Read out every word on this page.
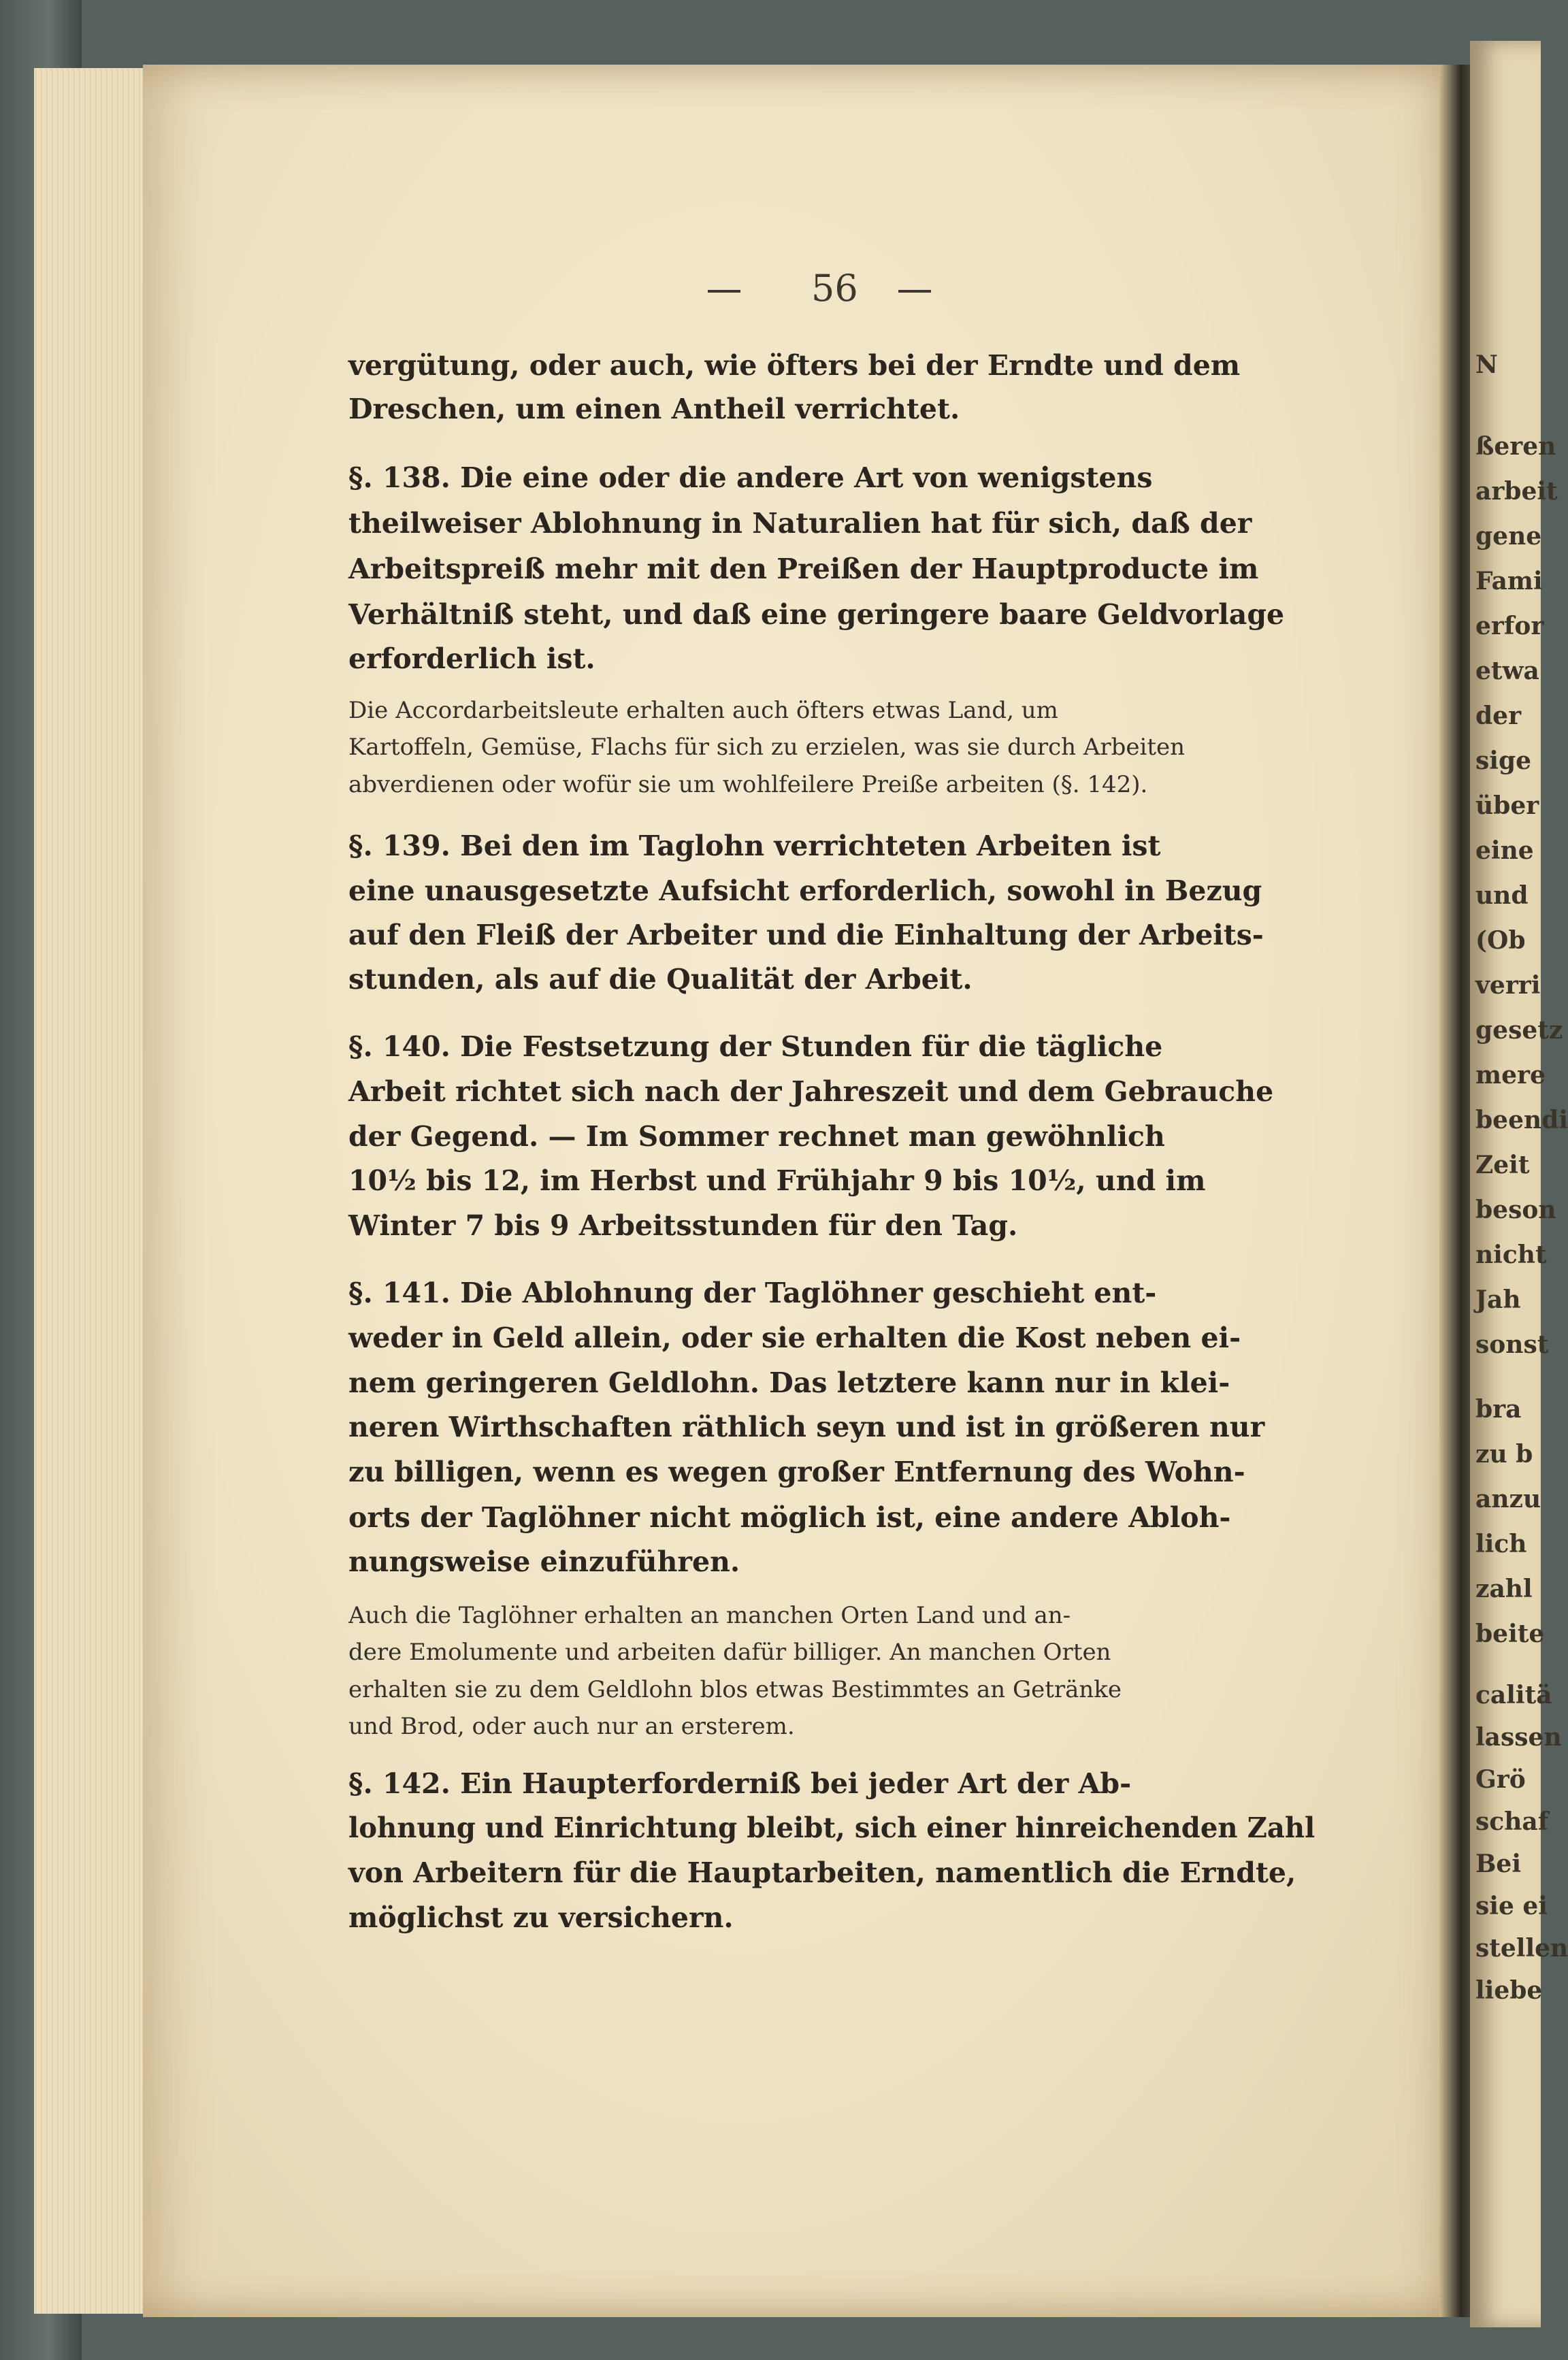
N
ßeren
arbeit
gene
Fami
erfor
etwa
der
sige
über
eine
und
(Ob
verri
gesetz
mere
beendi
Zeit
beson
nicht
Jah
sonst
bra
zu b
anzu
lich
zahl
beite
calitä
lassen
Grö
schaf
Bei
sie ei
stellen
liebe
56
vergütung, oder auch, wie öfters bei der Erndte und dem
Dreschen, um einen Antheil verrichtet.
§. 138. Die eine oder die andere Art von wenigstens
theilweiser Ablohnung in Naturalien hat für sich, daß der
Arbeitspreiß mehr mit den Preißen der Hauptproducte im
Verhältniß steht, und daß eine geringere baare Geldvorlage
erforderlich ist.
Die Accordarbeitsleute erhalten auch öfters etwas Land, um
Kartoffeln, Gemüse, Flachs für sich zu erzielen, was sie durch Arbeiten
abverdienen oder wofür sie um wohlfeilere Preiße arbeiten (§. 142).
§. 139. Bei den im Taglohn verrichteten Arbeiten ist
eine unausgesetzte Aufsicht erforderlich, sowohl in Bezug
auf den Fleiß der Arbeiter und die Einhaltung der Arbeits-
stunden, als auf die Qualität der Arbeit.
§. 140. Die Festsetzung der Stunden für die tägliche
Arbeit richtet sich nach der Jahreszeit und dem Gebrauche
der Gegend. — Im Sommer rechnet man gewöhnlich
10½ bis 12, im Herbst und Frühjahr 9 bis 10½, und im
Winter 7 bis 9 Arbeitsstunden für den Tag.
§. 141. Die Ablohnung der Taglöhner geschieht ent-
weder in Geld allein, oder sie erhalten die Kost neben ei-
nem geringeren Geldlohn. Das letztere kann nur in klei-
neren Wirthschaften räthlich seyn und ist in größeren nur
zu billigen, wenn es wegen großer Entfernung des Wohn-
orts der Taglöhner nicht möglich ist, eine andere Abloh-
nungsweise einzuführen.
Auch die Taglöhner erhalten an manchen Orten Land und an-
dere Emolumente und arbeiten dafür billiger. An manchen Orten
erhalten sie zu dem Geldlohn blos etwas Bestimmtes an Getränke
und Brod, oder auch nur an ersterem.
§. 142. Ein Haupterforderniß bei jeder Art der Ab-
lohnung und Einrichtung bleibt, sich einer hinreichenden Zahl
von Arbeitern für die Hauptarbeiten, namentlich die Erndte,
möglichst zu versichern.
